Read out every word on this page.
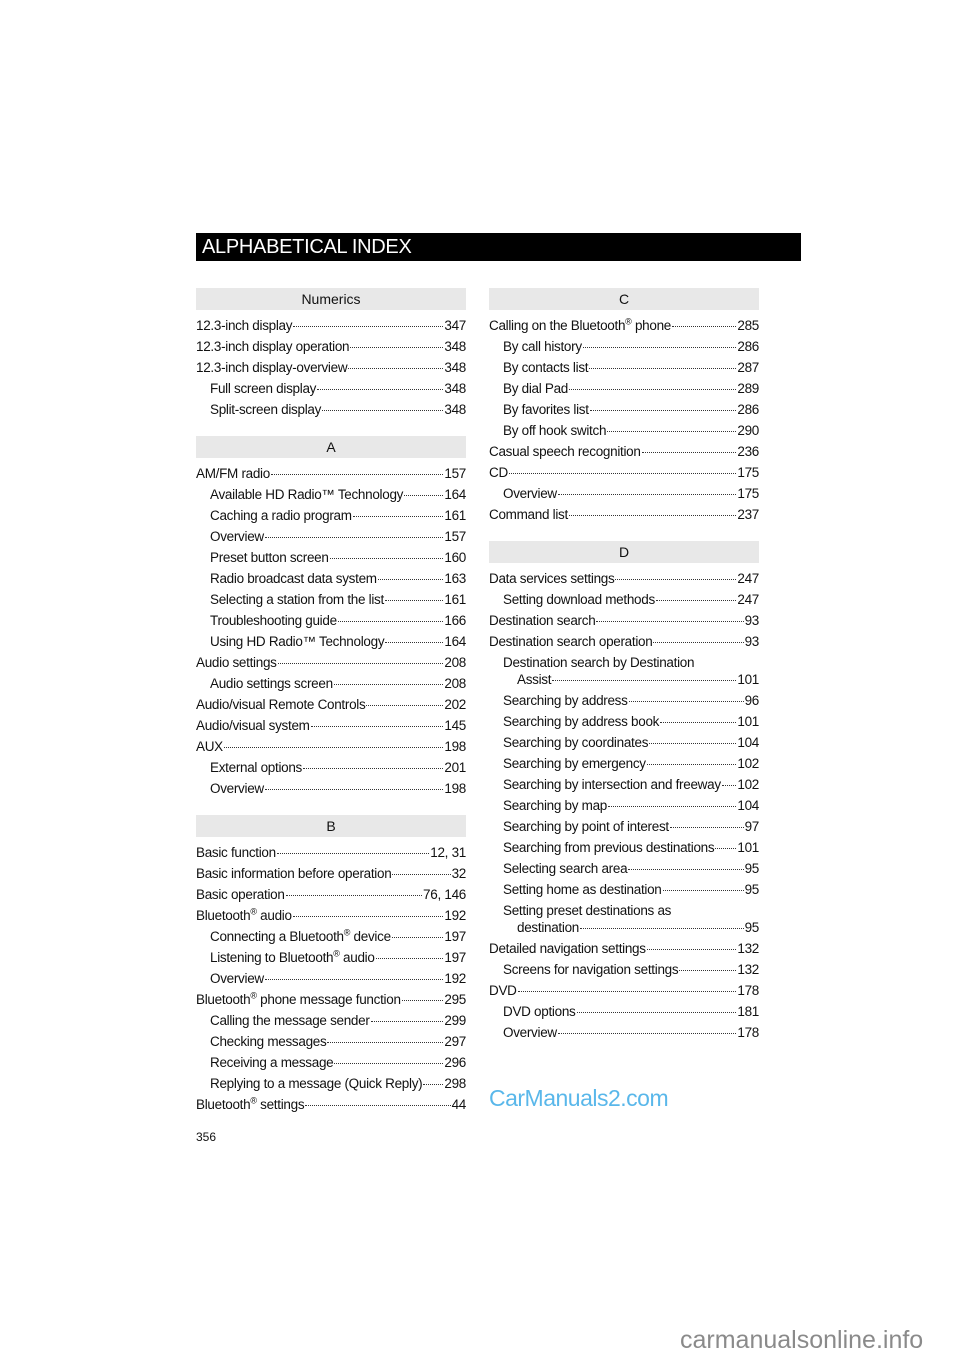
ALPHABETICAL INDEX
Numerics
12.3-inch display	347
12.3-inch display operation	348
12.3-inch display-overview	348
Full screen display	348
Split-screen display	348
A
AM/FM radio	157
Available HD Radio™ Technology	164
Caching a radio program	161
Overview	157
Preset button screen	160
Radio broadcast data system	163
Selecting a station from the list	161
Troubleshooting guide	166
Using HD Radio™ Technology	164
Audio settings	208
Audio settings screen	208
Audio/visual Remote Controls	202
Audio/visual system	145
AUX	198
External options	201
Overview	198
B
Basic function	12, 31
Basic information before operation	32
Basic operation	76, 146
Bluetooth® audio	192
Connecting a Bluetooth® device	197
Listening to Bluetooth® audio	197
Overview	192
Bluetooth® phone message function	295
Calling the message sender	299
Checking messages	297
Receiving a message	296
Replying to a message (Quick Reply) 298
Bluetooth® settings	44
C
Calling on the Bluetooth® phone	285
By call history	286
By contacts list	287
By dial Pad	289
By favorites list	286
By off hook switch	290
Casual speech recognition	236
CD	175
Overview	175
Command list	237
D
Data services settings	247
Setting download methods	247
Destination search	93
Destination search operation	93
Destination search by Destination
Assist	101
Searching by address	96
Searching by address book	101
Searching by coordinates	104
Searching by emergency	102
Searching by intersection and freeway 102
Searching by map	104
Searching by point of interest	97
Searching from previous destinations 101
Selecting search area	95
Setting home as destination	95
Setting preset destinations as
destination	95
Detailed navigation settings	132
Screens for navigation settings	132
DVD	178
DVD options	181
Overview	178
356
CarManuals2.com
carmanualsonline.info
